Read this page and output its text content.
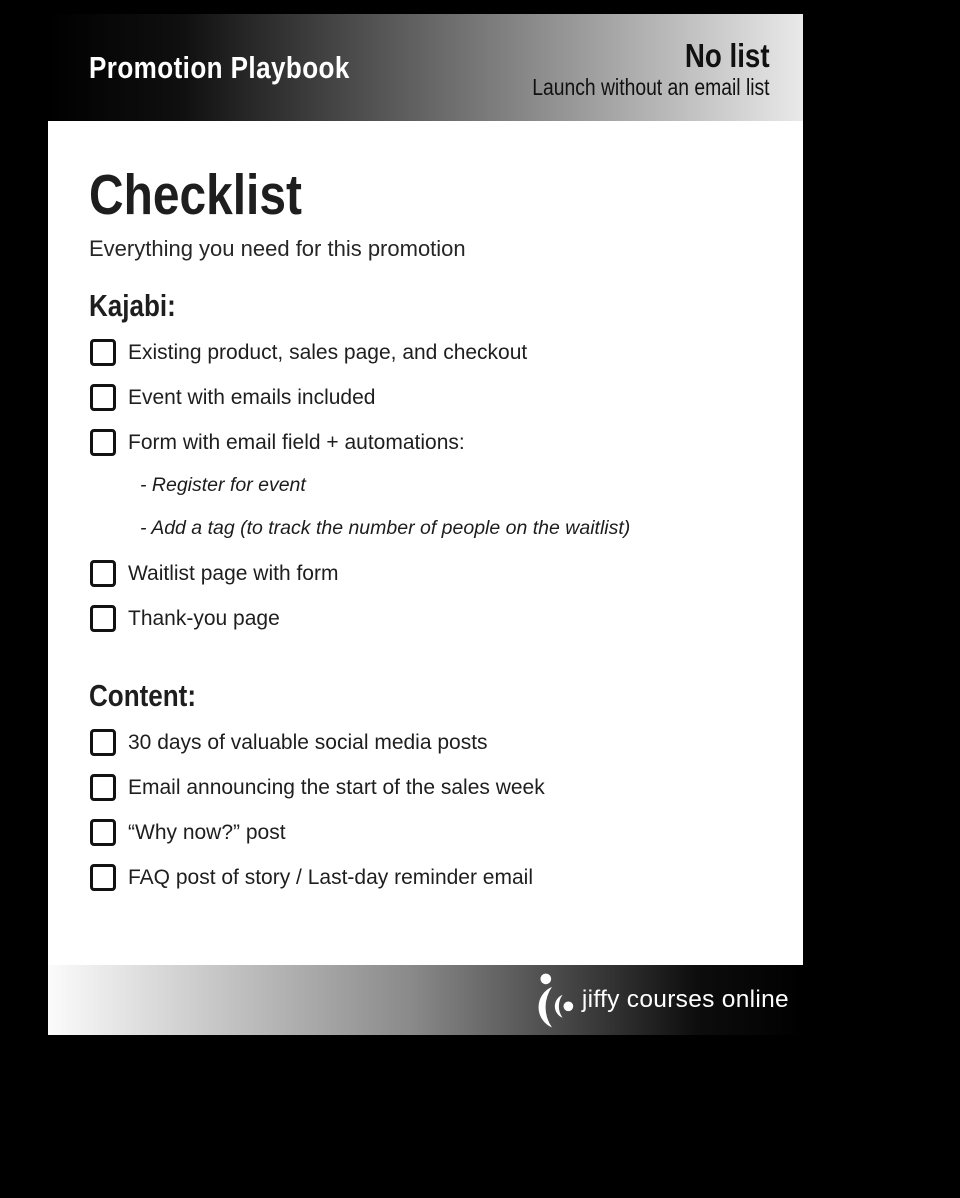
Promotion Playbook	No list
Launch without an email list
Checklist

Everything you need for this promotion

Kajabi:
Existing product, sales page, and checkout
Event with emails included
Form with email field + automations:
- Register for event
- Add a tag (to track the number of people on the waitlist)
Waitlist page with form
Thank-you page
Content:
30 days of valuable social media posts
Email announcing the start of the sales week
“Why now?” post
FAQ post of story / Last-day reminder email
jiffy courses online
